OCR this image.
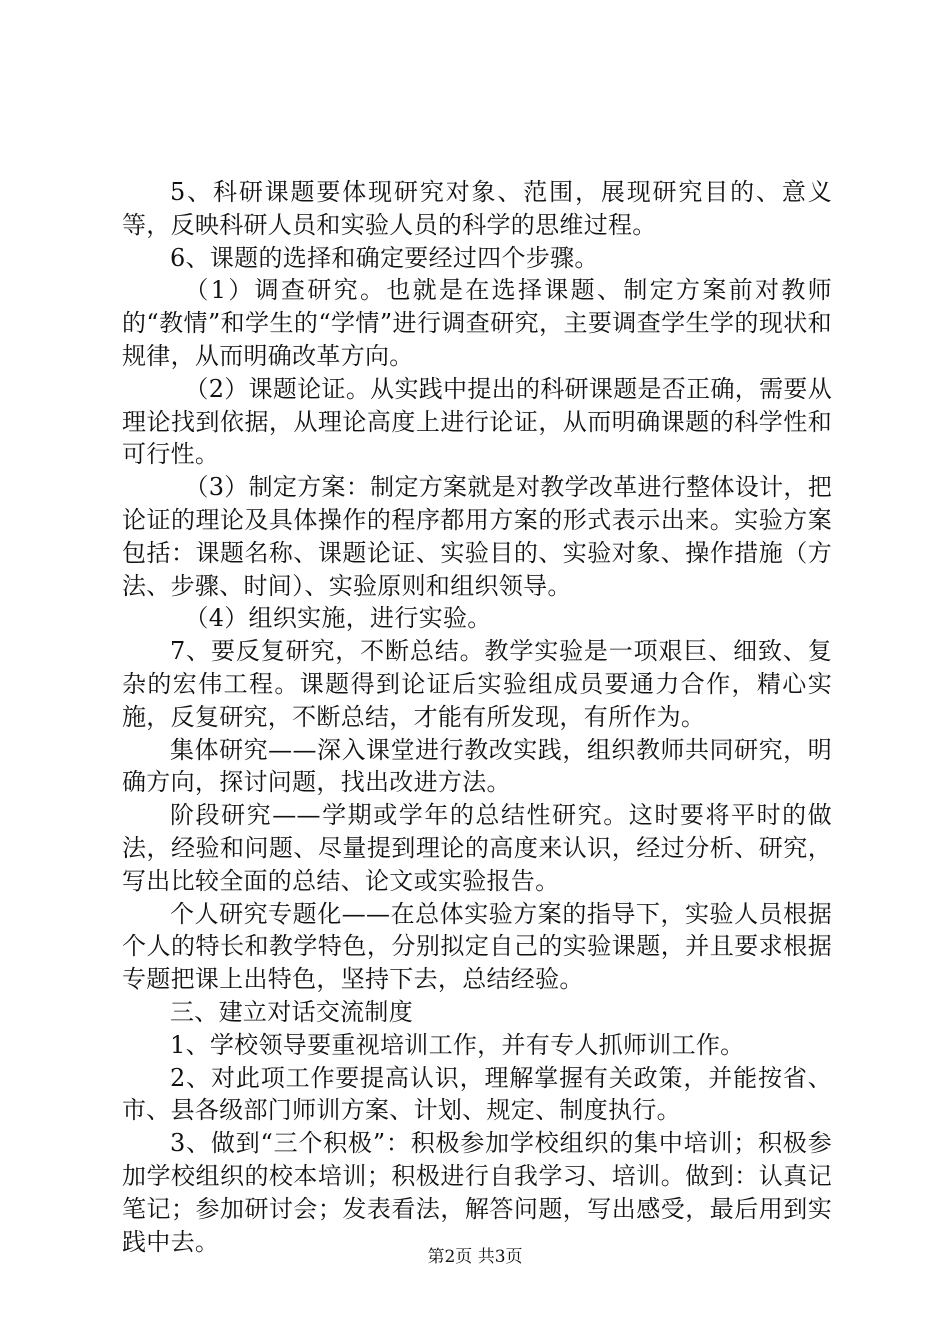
5、科研课题要体现研究对象、范围，展现研究目的、意义等，反映科研人员和实验人员的科学的思维过程。

6、课题的选择和确定要经过四个步骤。

（1）调查研究。也就是在选择课题、制定方案前对教师的“教情”和学生的“学情”进行调查研究，主要调查学生学的现状和规律，从而明确改革方向。

（2）课题论证。从实践中提出的科研课题是否正确，需要从理论找到依据，从理论高度上进行论证，从而明确课题的科学性和可行性。

（3）制定方案：制定方案就是对教学改革进行整体设计，把论证的理论及具体操作的程序都用方案的形式表示出来。实验方案包括：课题名称、课题论证、实验目的、实验对象、操作措施（方法、步骤、时间）、实验原则和组织领导。

（4）组织实施，进行实验。

7、要反复研究，不断总结。教学实验是一项艰巨、细致、复杂的宏伟工程。课题得到论证后实验组成员要通力合作，精心实施，反复研究，不断总结，才能有所发现，有所作为。

集体研究——深入课堂进行教改实践，组织教师共同研究，明确方向，探讨问题，找出改进方法。

阶段研究——学期或学年的总结性研究。这时要将平时的做法，经验和问题、尽量提到理论的高度来认识，经过分析、研究，写出比较全面的总结、论文或实验报告。

个人研究专题化——在总体实验方案的指导下，实验人员根据个人的特长和教学特色，分别拟定自己的实验课题，并且要求根据专题把课上出特色，坚持下去，总结经验。

三、建立对话交流制度

1、学校领导要重视培训工作，并有专人抓师训工作。

2、对此项工作要提高认识，理解掌握有关政策，并能按省、市、县各级部门师训方案、计划、规定、制度执行。

3、做到“三个积极”：积极参加学校组织的集中培训；积极参加学校组织的校本培训；积极进行自我学习、培训。做到：认真记笔记；参加研讨会；发表看法，解答问题，写出感受，最后用到实践中去。

第2页 共3页
